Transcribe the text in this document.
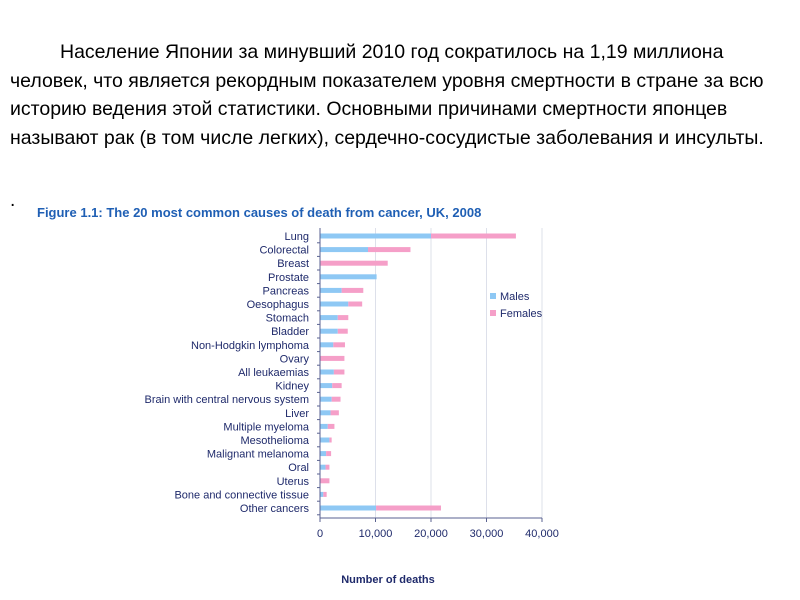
Население Японии за минувший 2010 год сократилось на 1,19 миллиона человек, что является рекордным показателем уровня смертности в стране за всю историю ведения этой статистики. Основными причинами смертности японцев называют рак (в том числе легких), сердечно-сосудистые заболевания и инсульты.

.
Figure 1.1: The 20 most common causes of death from cancer, UK, 2008
Lung
Colorectal
Breast
Prostate
Pancreas
Oesophagus
Stomach
Bladder
Non-Hodgkin lymphoma
Ovary
All leukaemias
Kidney
Brain with central nervous system
Liver
Multiple myeloma
Mesothelioma
Malignant melanoma
Oral
Uterus
Bone and connective tissue
Other cancers
0	10,000 20,000 30,000 40,000
Males
Females
Number of deaths
